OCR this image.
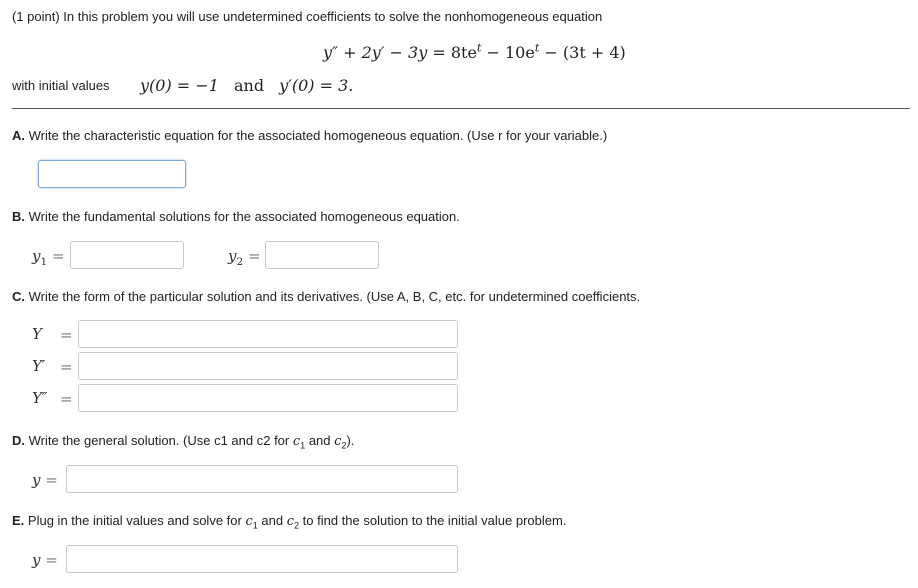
(1 point) In this problem you will use undetermined coefficients to solve the nonhomogeneous equation
$y'' + 2y' - 3y = 8te^t - 10e^t - (3t + 4)$
with initial values y(0) = −1 and y′(0) = 3.
A. Write the characteristic equation for the associated homogeneous equation. (Use r for your variable.)
B. Write the fundamental solutions for the associated homogeneous equation.
$y_1$ =	$y_2$ =
C. Write the form of the particular solution and its derivatives. (Use A, B, C, etc. for undetermined coefficients.
Y =
Y′ =
Y″ =
D. Write the general solution. (Use c1 and c2 for $c_1$ and $c_2$).
y =
E. Plug in the initial values and solve for $c_1$ and $c_2$ to find the solution to the initial value problem.
y =
